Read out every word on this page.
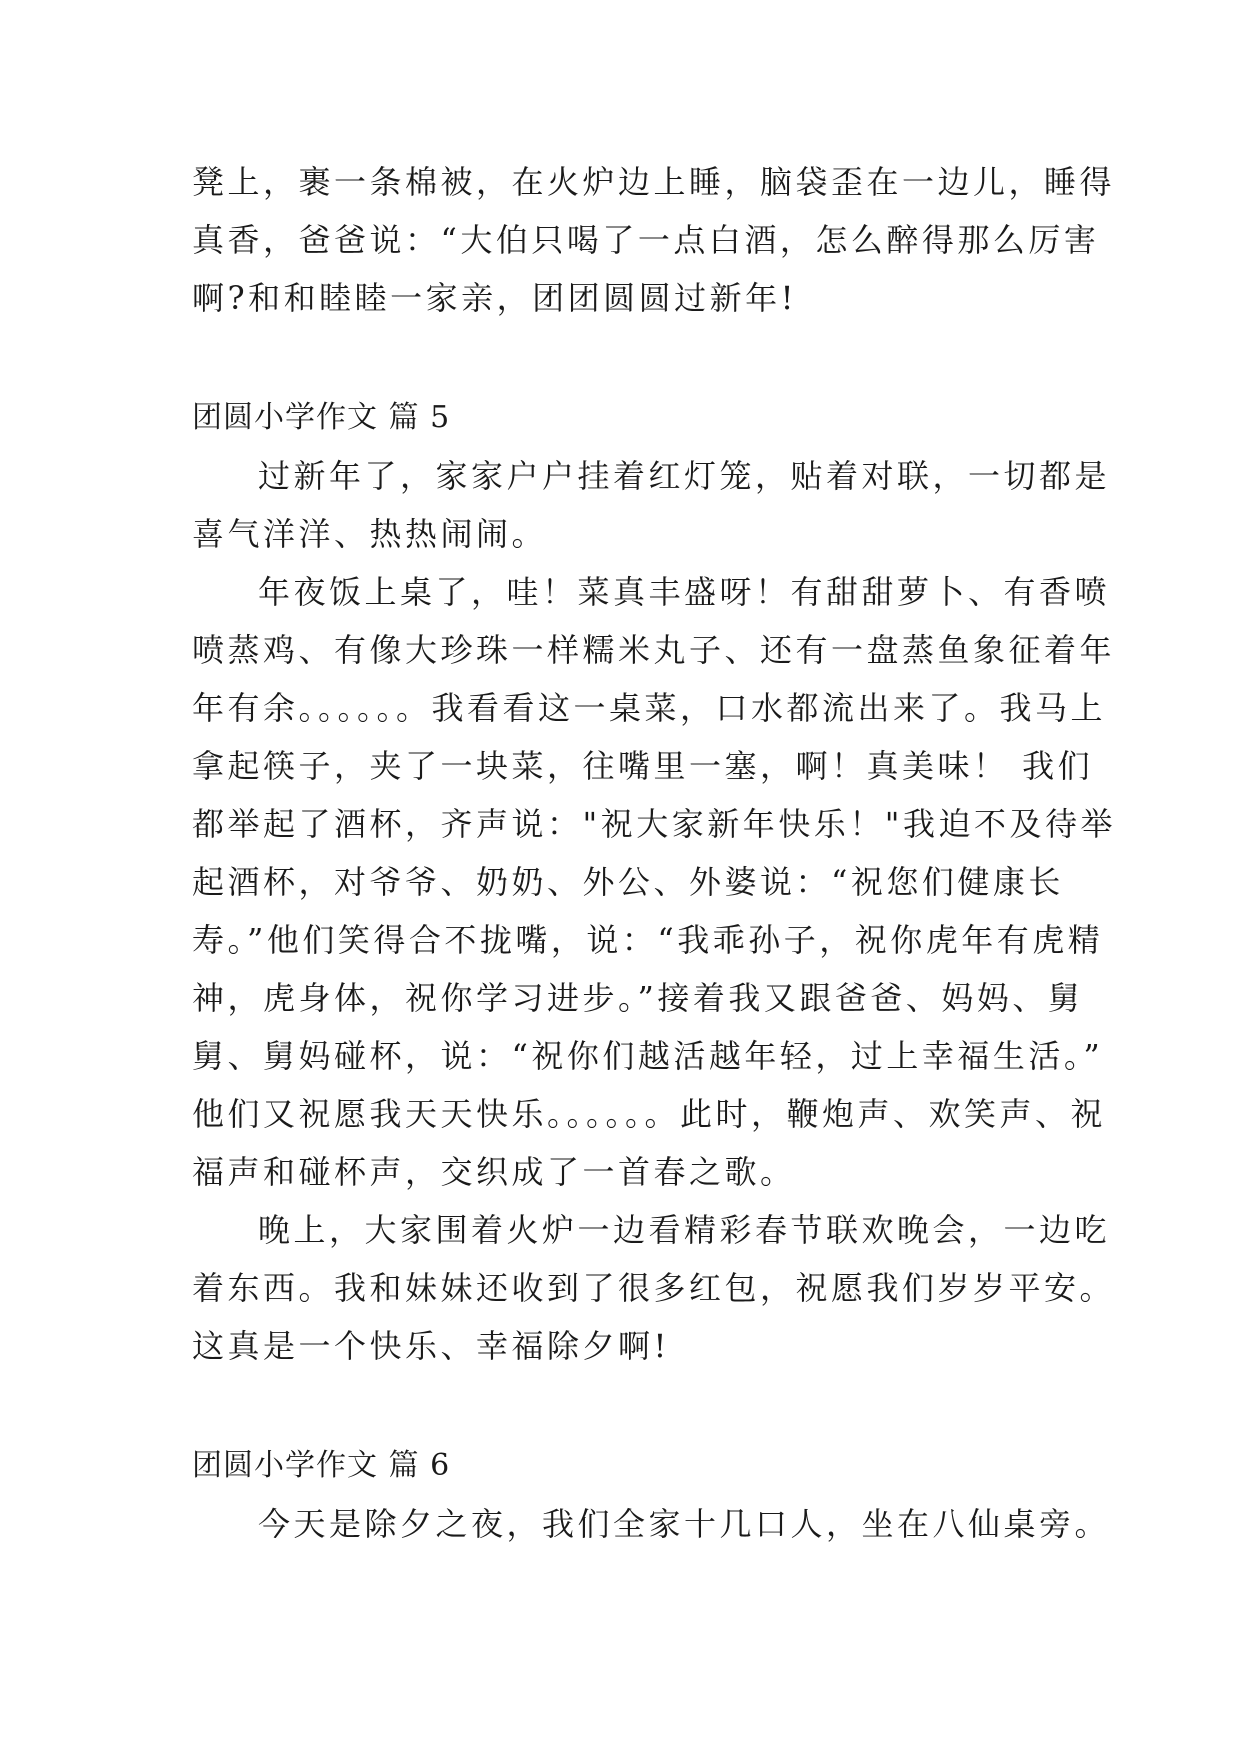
凳上，裹一条棉被，在火炉边上睡，脑袋歪在一边儿，睡得
真香，爸爸说：“大伯只喝了一点白酒，怎么醉得那么厉害
啊?和和睦睦一家亲，团团圆圆过新年!
团圆小学作文 篇 5
过新年了，家家户户挂着红灯笼，贴着对联，一切都是
喜气洋洋、热热闹闹。
年夜饭上桌了，哇！菜真丰盛呀！有甜甜萝卜、有香喷
喷蒸鸡、有像大珍珠一样糯米丸子、还有一盘蒸鱼象征着年
年有余。。。。。。我看看这一桌菜，口水都流出来了。我马上
拿起筷子，夹了一块菜，往嘴里一塞，啊！真美味！ 我们
都举起了酒杯，齐声说："祝大家新年快乐！"我迫不及待举
起酒杯，对爷爷、奶奶、外公、外婆说：“祝您们健康长
寿。”他们笑得合不拢嘴，说：“我乖孙子，祝你虎年有虎精
神，虎身体，祝你学习进步。”接着我又跟爸爸、妈妈、舅
舅、舅妈碰杯，说：“祝你们越活越年轻，过上幸福生活。”
他们又祝愿我天天快乐。。。。。。此时，鞭炮声、欢笑声、祝
福声和碰杯声，交织成了一首春之歌。
晚上，大家围着火炉一边看精彩春节联欢晚会，一边吃
着东西。我和妹妹还收到了很多红包，祝愿我们岁岁平安。
这真是一个快乐、幸福除夕啊!
团圆小学作文 篇 6
今天是除夕之夜，我们全家十几口人，坐在八仙桌旁。
